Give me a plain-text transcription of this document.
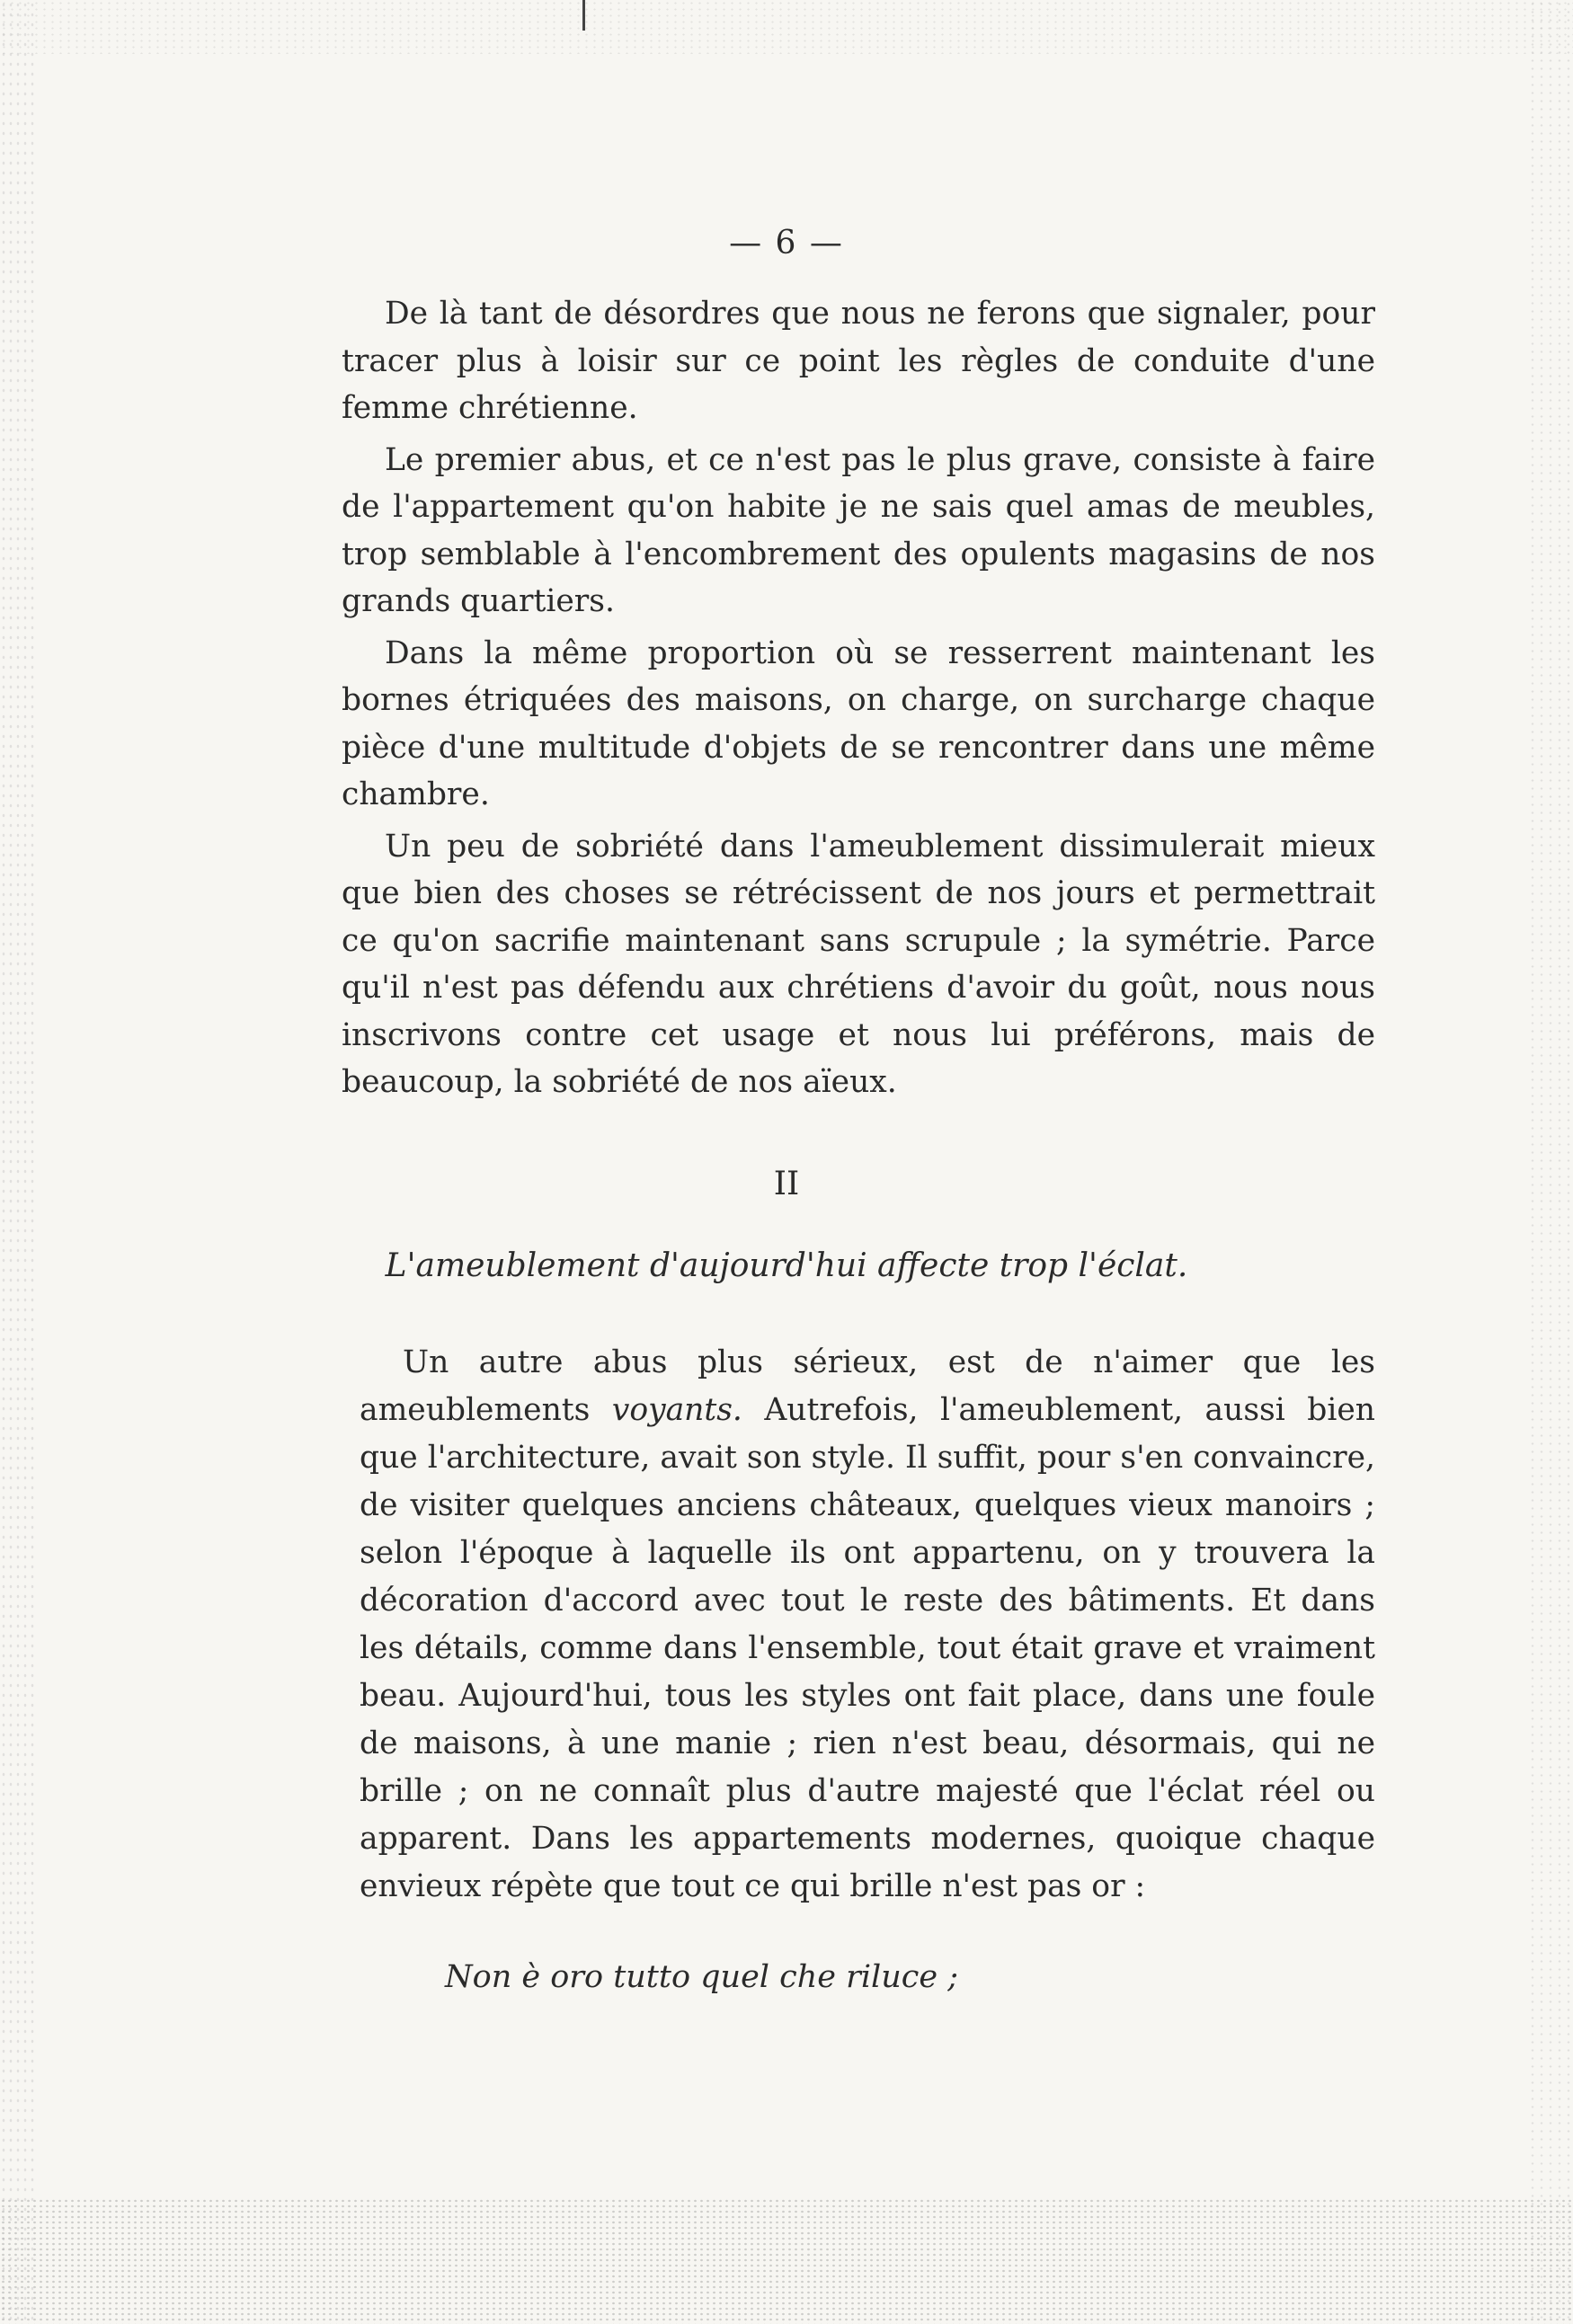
— 6 —

De là tant de désordres que nous ne ferons que signaler, pour tracer plus à loisir sur ce point les règles de conduite d'une femme chrétienne.

Le premier abus, et ce n'est pas le plus grave, consiste à faire de l'appartement qu'on habite je ne sais quel amas de meubles, trop semblable à l'encombrement des opulents magasins de nos grands quartiers.

Dans la même proportion où se resserrent maintenant les bornes étriquées des maisons, on charge, on surcharge chaque pièce d'une multitude d'objets de se rencontrer dans une même chambre.

Un peu de sobriété dans l'ameublement dissimulerait mieux que bien des choses se rétrécissent de nos jours et permettrait ce qu'on sacrifie maintenant sans scrupule ; la symétrie. Parce qu'il n'est pas défendu aux chrétiens d'avoir du goût, nous nous inscrivons contre cet usage et nous lui préférons, mais de beaucoup, la sobriété de nos aïeux.

II
L'ameublement d'aujourd'hui affecte trop l'éclat.

Un autre abus plus sérieux, est de n'aimer que les ameublements voyants. Autrefois, l'ameublement, aussi bien que l'architecture, avait son style. Il suffit, pour s'en convaincre, de visiter quelques anciens châteaux, quelques vieux manoirs ; selon l'époque à laquelle ils ont appartenu, on y trouvera la décoration d'accord avec tout le reste des bâtiments. Et dans les détails, comme dans l'ensemble, tout était grave et vraiment beau. Aujourd'hui, tous les styles ont fait place, dans une foule de maisons, à une manie ; rien n'est beau, désormais, qui ne brille ; on ne connaît plus d'autre majesté que l'éclat réel ou apparent. Dans les appartements modernes, quoique chaque envieux répète que tout ce qui brille n'est pas or :

Non è oro tutto quel che riluce ;
